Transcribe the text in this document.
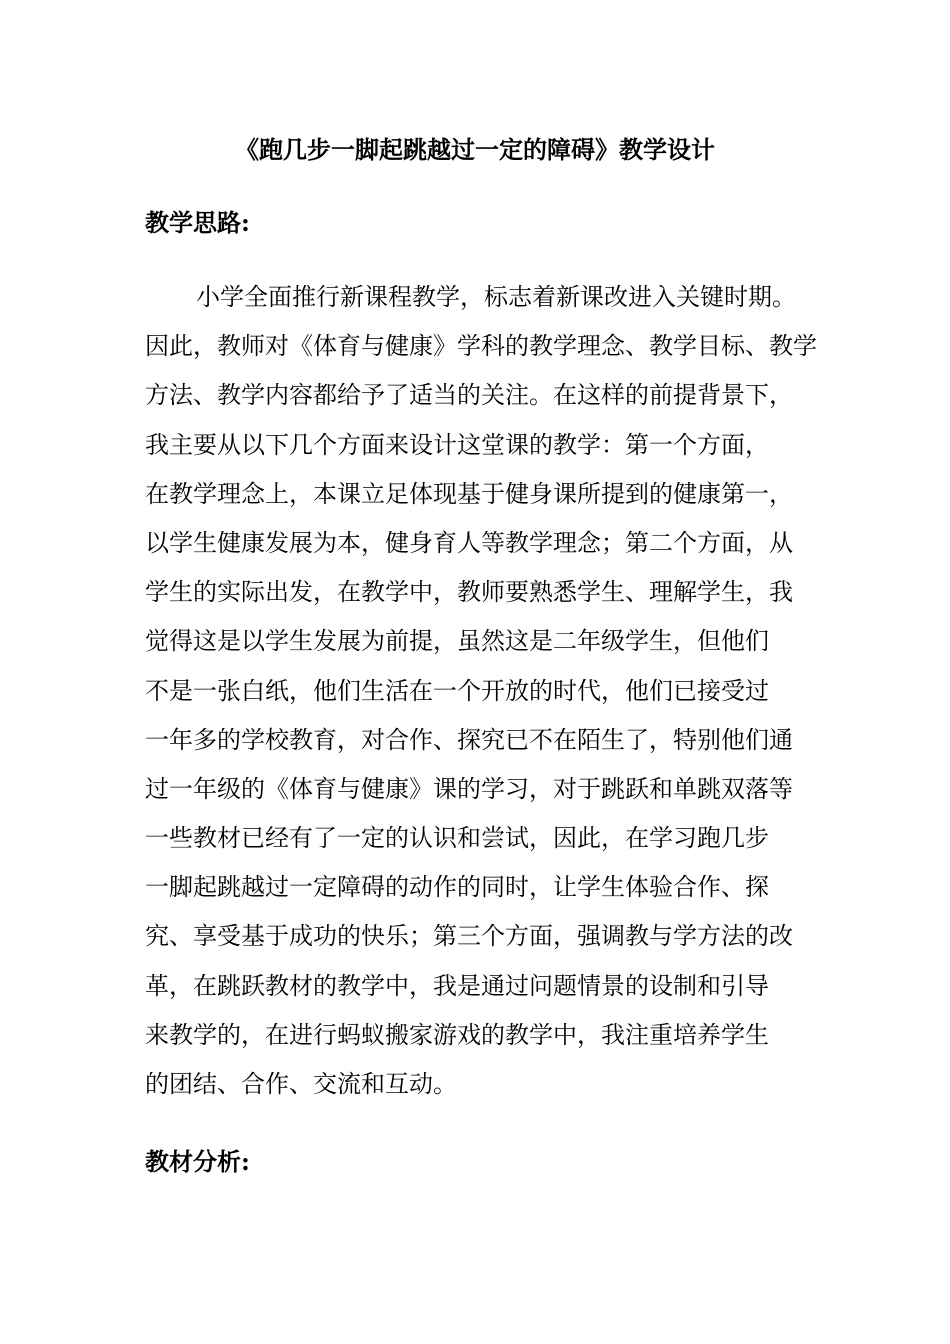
《跑几步一脚起跳越过一定的障碍》教学设计
教学思路:
小学全面推行新课程教学，标志着新课改进入关键时期。
因此，教师对《体育与健康》学科的教学理念、教学目标、教学
方法、教学内容都给予了适当的关注。在这样的前提背景下，
我主要从以下几个方面来设计这堂课的教学：第一个方面，
在教学理念上，本课立足体现基于健身课所提到的健康第一，
以学生健康发展为本，健身育人等教学理念；第二个方面，从
学生的实际出发，在教学中，教师要熟悉学生、理解学生，我
觉得这是以学生发展为前提，虽然这是二年级学生，但他们
不是一张白纸，他们生活在一个开放的时代，他们已接受过
一年多的学校教育，对合作、探究已不在陌生了，特别他们通
过一年级的《体育与健康》课的学习，对于跳跃和单跳双落等
一些教材已经有了一定的认识和尝试，因此，在学习跑几步
一脚起跳越过一定障碍的动作的同时，让学生体验合作、探
究、享受基于成功的快乐；第三个方面，强调教与学方法的改
革，在跳跃教材的教学中，我是通过问题情景的设制和引导
来教学的，在进行蚂蚁搬家游戏的教学中，我注重培养学生
的团结、合作、交流和互动。
教材分析:
